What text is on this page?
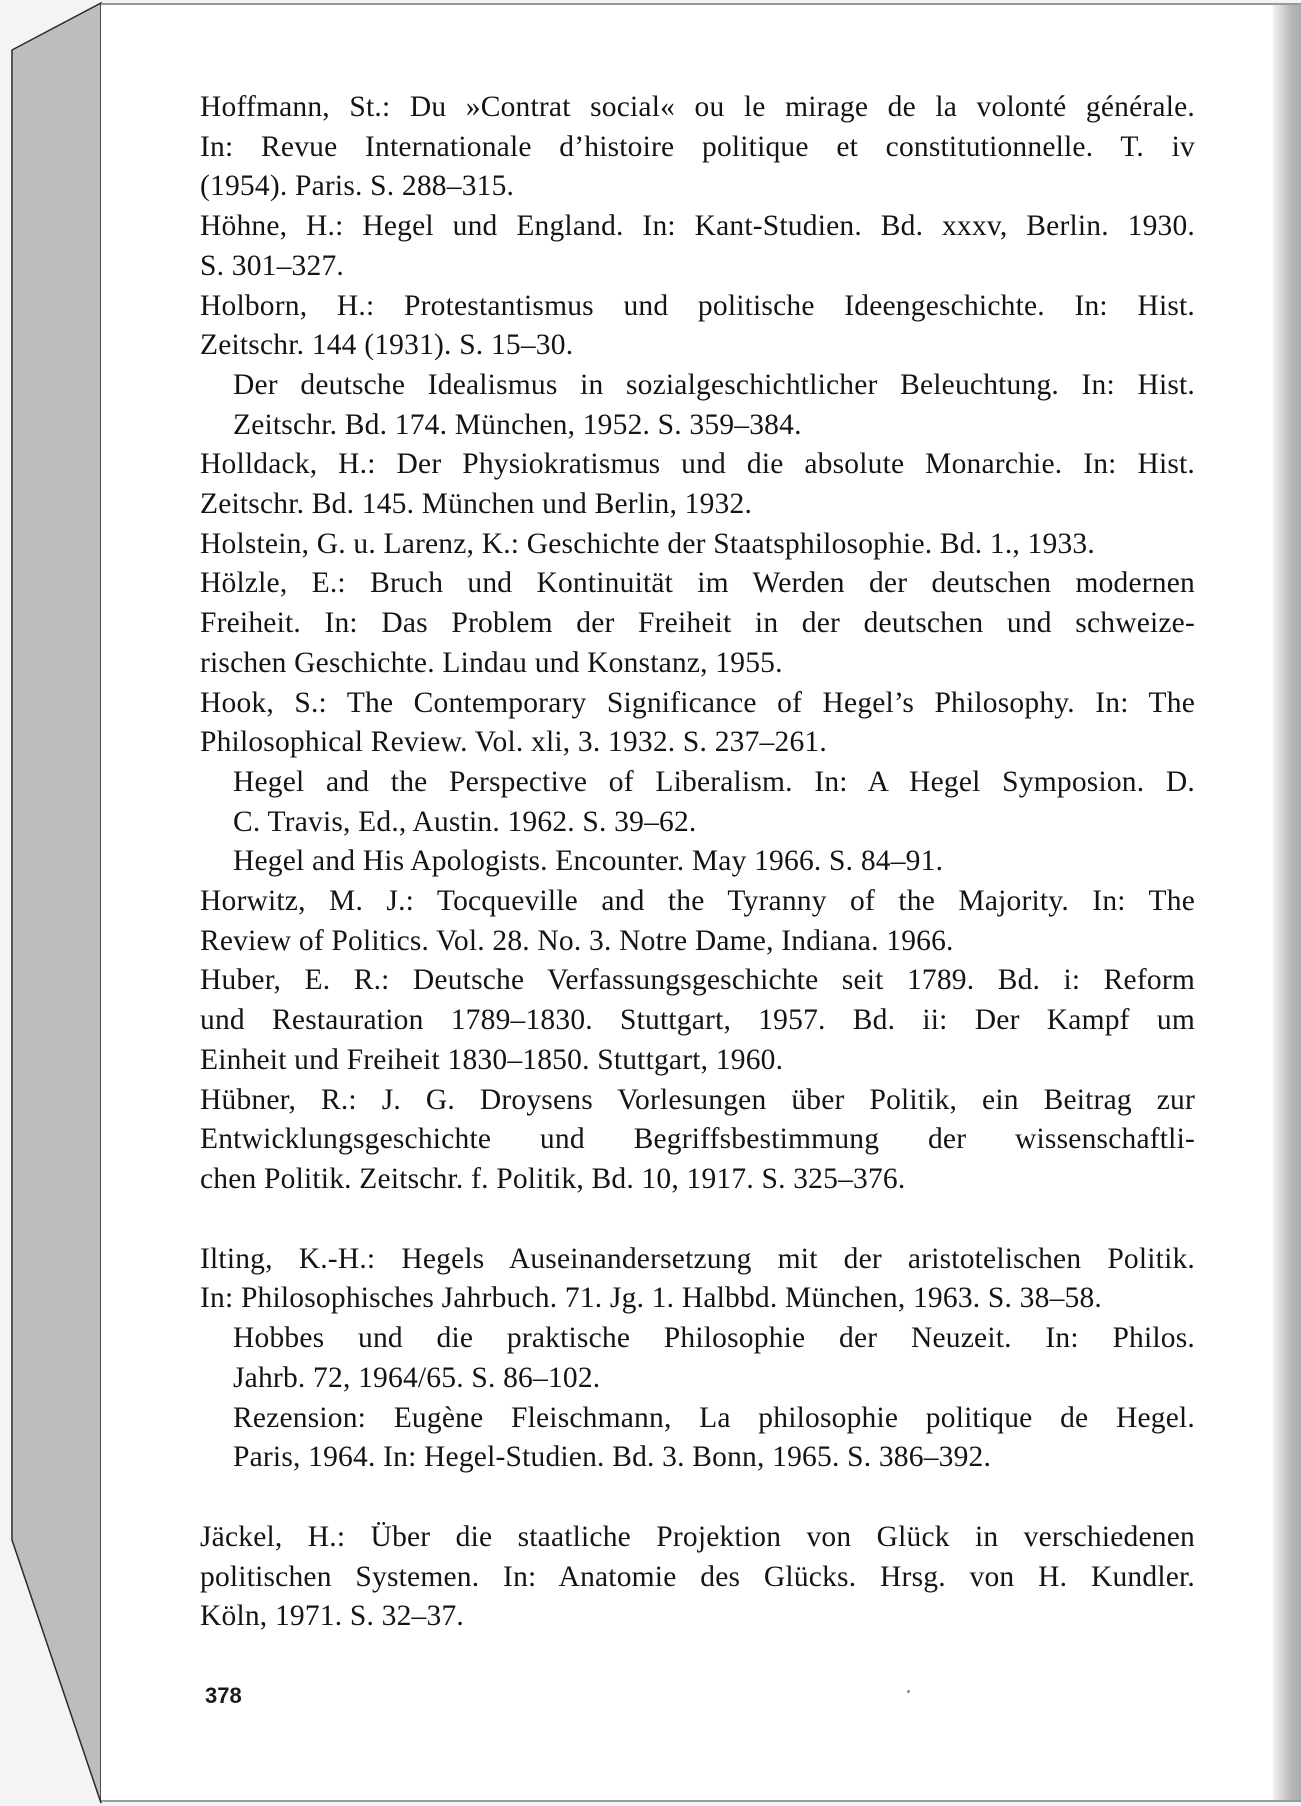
Hoffmann, St.: Du »Contrat social« ou le mirage de la volonté générale.
In: Revue Internationale d’histoire politique et constitutionnelle. T. iv
(1954). Paris. S. 288–315.

Höhne, H.: Hegel und England. In: Kant-Studien. Bd. xxxv, Berlin. 1930.
S. 301–327.

Holborn, H.: Protestantismus und politische Ideengeschichte. In: Hist.
Zeitschr. 144 (1931). S. 15–30.

Der deutsche Idealismus in sozialgeschichtlicher Beleuchtung. In: Hist.
Zeitschr. Bd. 174. München, 1952. S. 359–384.

Holldack, H.: Der Physiokratismus und die absolute Monarchie. In: Hist.
Zeitschr. Bd. 145. München und Berlin, 1932.

Holstein, G. u. Larenz, K.: Geschichte der Staatsphilosophie. Bd. 1., 1933.

Hölzle, E.: Bruch und Kontinuität im Werden der deutschen modernen
Freiheit. In: Das Problem der Freiheit in der deutschen und schweize-
rischen Geschichte. Lindau und Konstanz, 1955.

Hook, S.: The Contemporary Significance of Hegel’s Philosophy. In: The
Philosophical Review. Vol. xli, 3. 1932. S. 237–261.

Hegel and the Perspective of Liberalism. In: A Hegel Symposion. D.
C. Travis, Ed., Austin. 1962. S. 39–62.

Hegel and His Apologists. Encounter. May 1966. S. 84–91.

Horwitz, M. J.: Tocqueville and the Tyranny of the Majority. In: The
Review of Politics. Vol. 28. No. 3. Notre Dame, Indiana. 1966.

Huber, E. R.: Deutsche Verfassungsgeschichte seit 1789. Bd. i: Reform
und Restauration 1789–1830. Stuttgart, 1957. Bd. ii: Der Kampf um
Einheit und Freiheit 1830–1850. Stuttgart, 1960.

Hübner, R.: J. G. Droysens Vorlesungen über Politik, ein Beitrag zur
Entwicklungsgeschichte und Begriffsbestimmung der wissenschaftli-
chen Politik. Zeitschr. f. Politik, Bd. 10, 1917. S. 325–376.

Ilting, K.-H.: Hegels Auseinandersetzung mit der aristotelischen Politik.
In: Philosophisches Jahrbuch. 71. Jg. 1. Halbbd. München, 1963. S. 38–58.

Hobbes und die praktische Philosophie der Neuzeit. In: Philos.
Jahrb. 72, 1964/65. S. 86–102.

Rezension: Eugène Fleischmann, La philosophie politique de Hegel.
Paris, 1964. In: Hegel-Studien. Bd. 3. Bonn, 1965. S. 386–392.

Jäckel, H.: Über die staatliche Projektion von Glück in verschiedenen
politischen Systemen. In: Anatomie des Glücks. Hrsg. von H. Kundler.
Köln, 1971. S. 32–37.

378
